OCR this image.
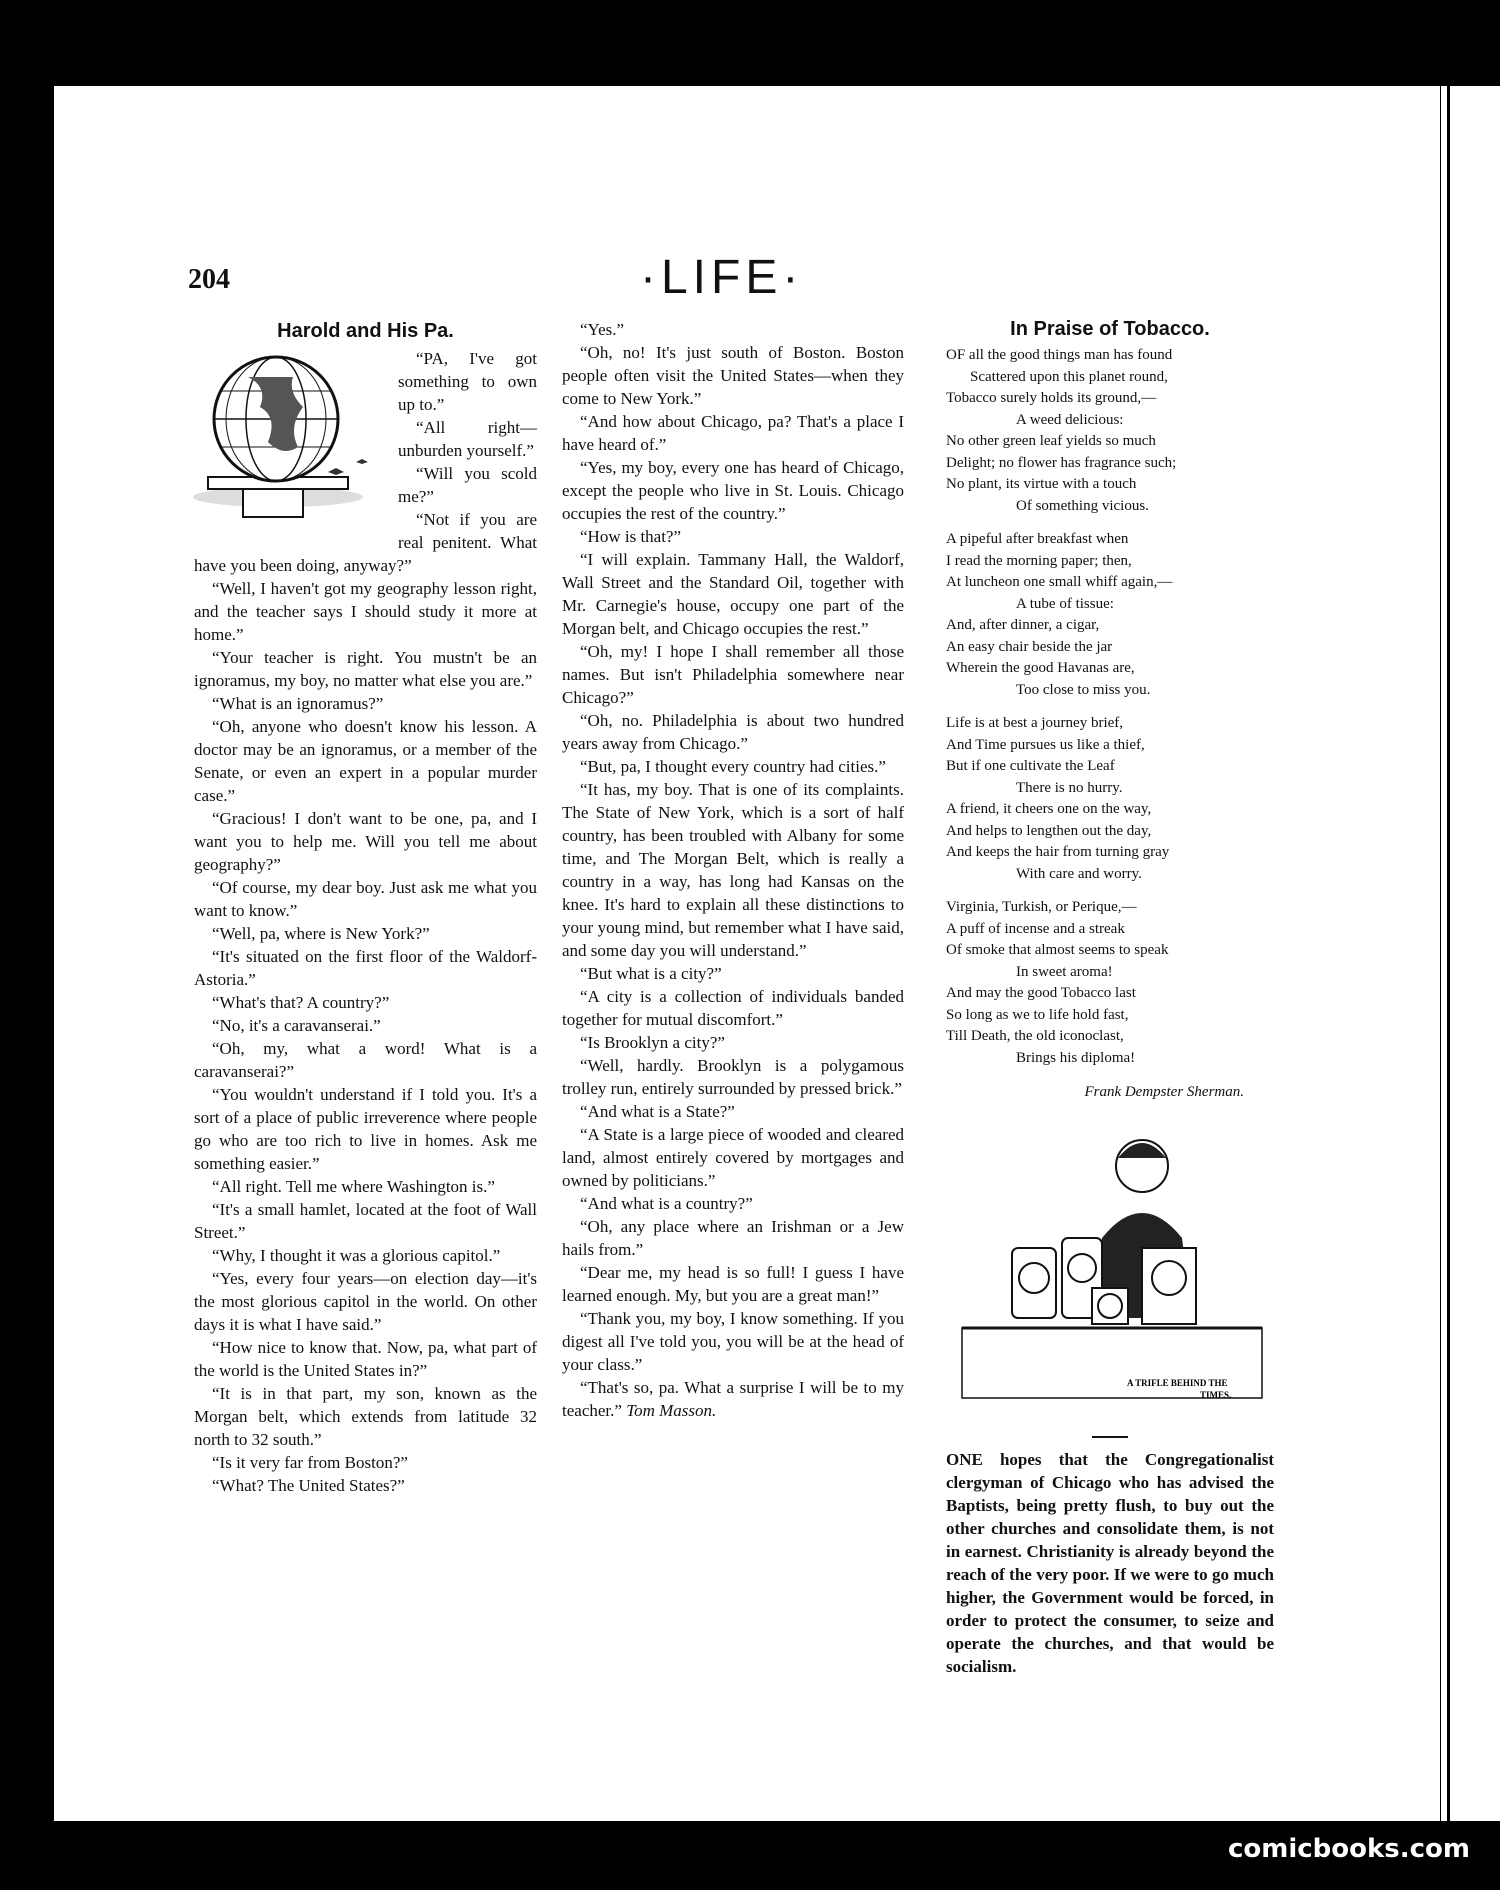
204	·LIFE·
Harold and His Pa.

“PA, I've got something to own up to.”

“All right—unburden yourself.”

“Will you scold me?”

“Not if you are real penitent. What have you been doing, anyway?”

“Well, I haven't got my geography lesson right, and the teacher says I should study it more at home.”

“Your teacher is right. You mustn't be an ignoramus, my boy, no matter what else you are.”

“What is an ignoramus?”

“Oh, anyone who doesn't know his lesson. A doctor may be an ignoramus, or a member of the Senate, or even an expert in a popular murder case.”

“Gracious! I don't want to be one, pa, and I want you to help me. Will you tell me about geography?”

“Of course, my dear boy. Just ask me what you want to know.”

“Well, pa, where is New York?”

“It's situated on the first floor of the Waldorf-Astoria.”

“What's that? A country?”

“No, it's a caravanserai.”

“Oh, my, what a word! What is a caravanserai?”

“You wouldn't understand if I told you. It's a sort of a place of public irreverence where people go who are too rich to live in homes. Ask me something easier.”

“All right. Tell me where Washington is.”

“It's a small hamlet, located at the foot of Wall Street.”

“Why, I thought it was a glorious capitol.”

“Yes, every four years—on election day—it's the most glorious capitol in the world. On other days it is what I have said.”

“How nice to know that. Now, pa, what part of the world is the United States in?”

“It is in that part, my son, known as the Morgan belt, which extends from latitude 32 north to 32 south.”

“Is it very far from Boston?”

“What? The United States?”

“Yes.”

“Oh, no! It's just south of Boston. Boston people often visit the United States—when they come to New York.”

“And how about Chicago, pa? That's a place I have heard of.”

“Yes, my boy, every one has heard of Chicago, except the people who live in St. Louis. Chicago occupies the rest of the country.”

“How is that?”

“I will explain. Tammany Hall, the Waldorf, Wall Street and the Standard Oil, together with Mr. Carnegie's house, occupy one part of the Morgan belt, and Chicago occupies the rest.”

“Oh, my! I hope I shall remember all those names. But isn't Philadelphia somewhere near Chicago?”

“Oh, no. Philadelphia is about two hundred years away from Chicago.”

“But, pa, I thought every country had cities.”

“It has, my boy. That is one of its complaints. The State of New York, which is a sort of half country, has been troubled with Albany for some time, and The Morgan Belt, which is really a country in a way, has long had Kansas on the knee. It's hard to explain all these distinctions to your young mind, but remember what I have said, and some day you will understand.”

“But what is a city?”

“A city is a collection of individuals banded together for mutual discomfort.”

“Is Brooklyn a city?”

“Well, hardly. Brooklyn is a polygamous trolley run, entirely surrounded by pressed brick.”

“And what is a State?”

“A State is a large piece of wooded and cleared land, almost entirely covered by mortgages and owned by politicians.”

“And what is a country?”

“Oh, any place where an Irishman or a Jew hails from.”

“Dear me, my head is so full! I guess I have learned enough. My, but you are a great man!”

“Thank you, my boy, I know something. If you digest all I've told you, you will be at the head of your class.”

“That's so, pa. What a surprise I will be to my teacher.” Tom Masson.

In Praise of Tobacco.
OF all the good things man has found
Scattered upon this planet round,
Tobacco surely holds its ground,—
A weed delicious:
No other green leaf yields so much
Delight; no flower has fragrance such;
No plant, its virtue with a touch
Of something vicious.
A pipeful after breakfast when
I read the morning paper; then,
At luncheon one small whiff again,—
A tube of tissue:
And, after dinner, a cigar,
An easy chair beside the jar
Wherein the good Havanas are,
Too close to miss you.
Life is at best a journey brief,
And Time pursues us like a thief,
But if one cultivate the Leaf
There is no hurry.
A friend, it cheers one on the way,
And helps to lengthen out the day,
And keeps the hair from turning gray
With care and worry.
Virginia, Turkish, or Perique,—
A puff of incense and a streak
Of smoke that almost seems to speak
In sweet aroma!
And may the good Tobacco last
So long as we to life hold fast,
Till Death, the old iconoclast,
Brings his diploma!
Frank Dempster Sherman.
A TRIFLE BEHIND THE
TIMES.
ONE hopes that the Congregationalist clergyman of Chicago who has advised the Baptists, being pretty flush, to buy out the other churches and consolidate them, is not in earnest. Christianity is already beyond the reach of the very poor. If we were to go much higher, the Government would be forced, in order to protect the consumer, to seize and operate the churches, and that would be socialism.
comicbooks.com
